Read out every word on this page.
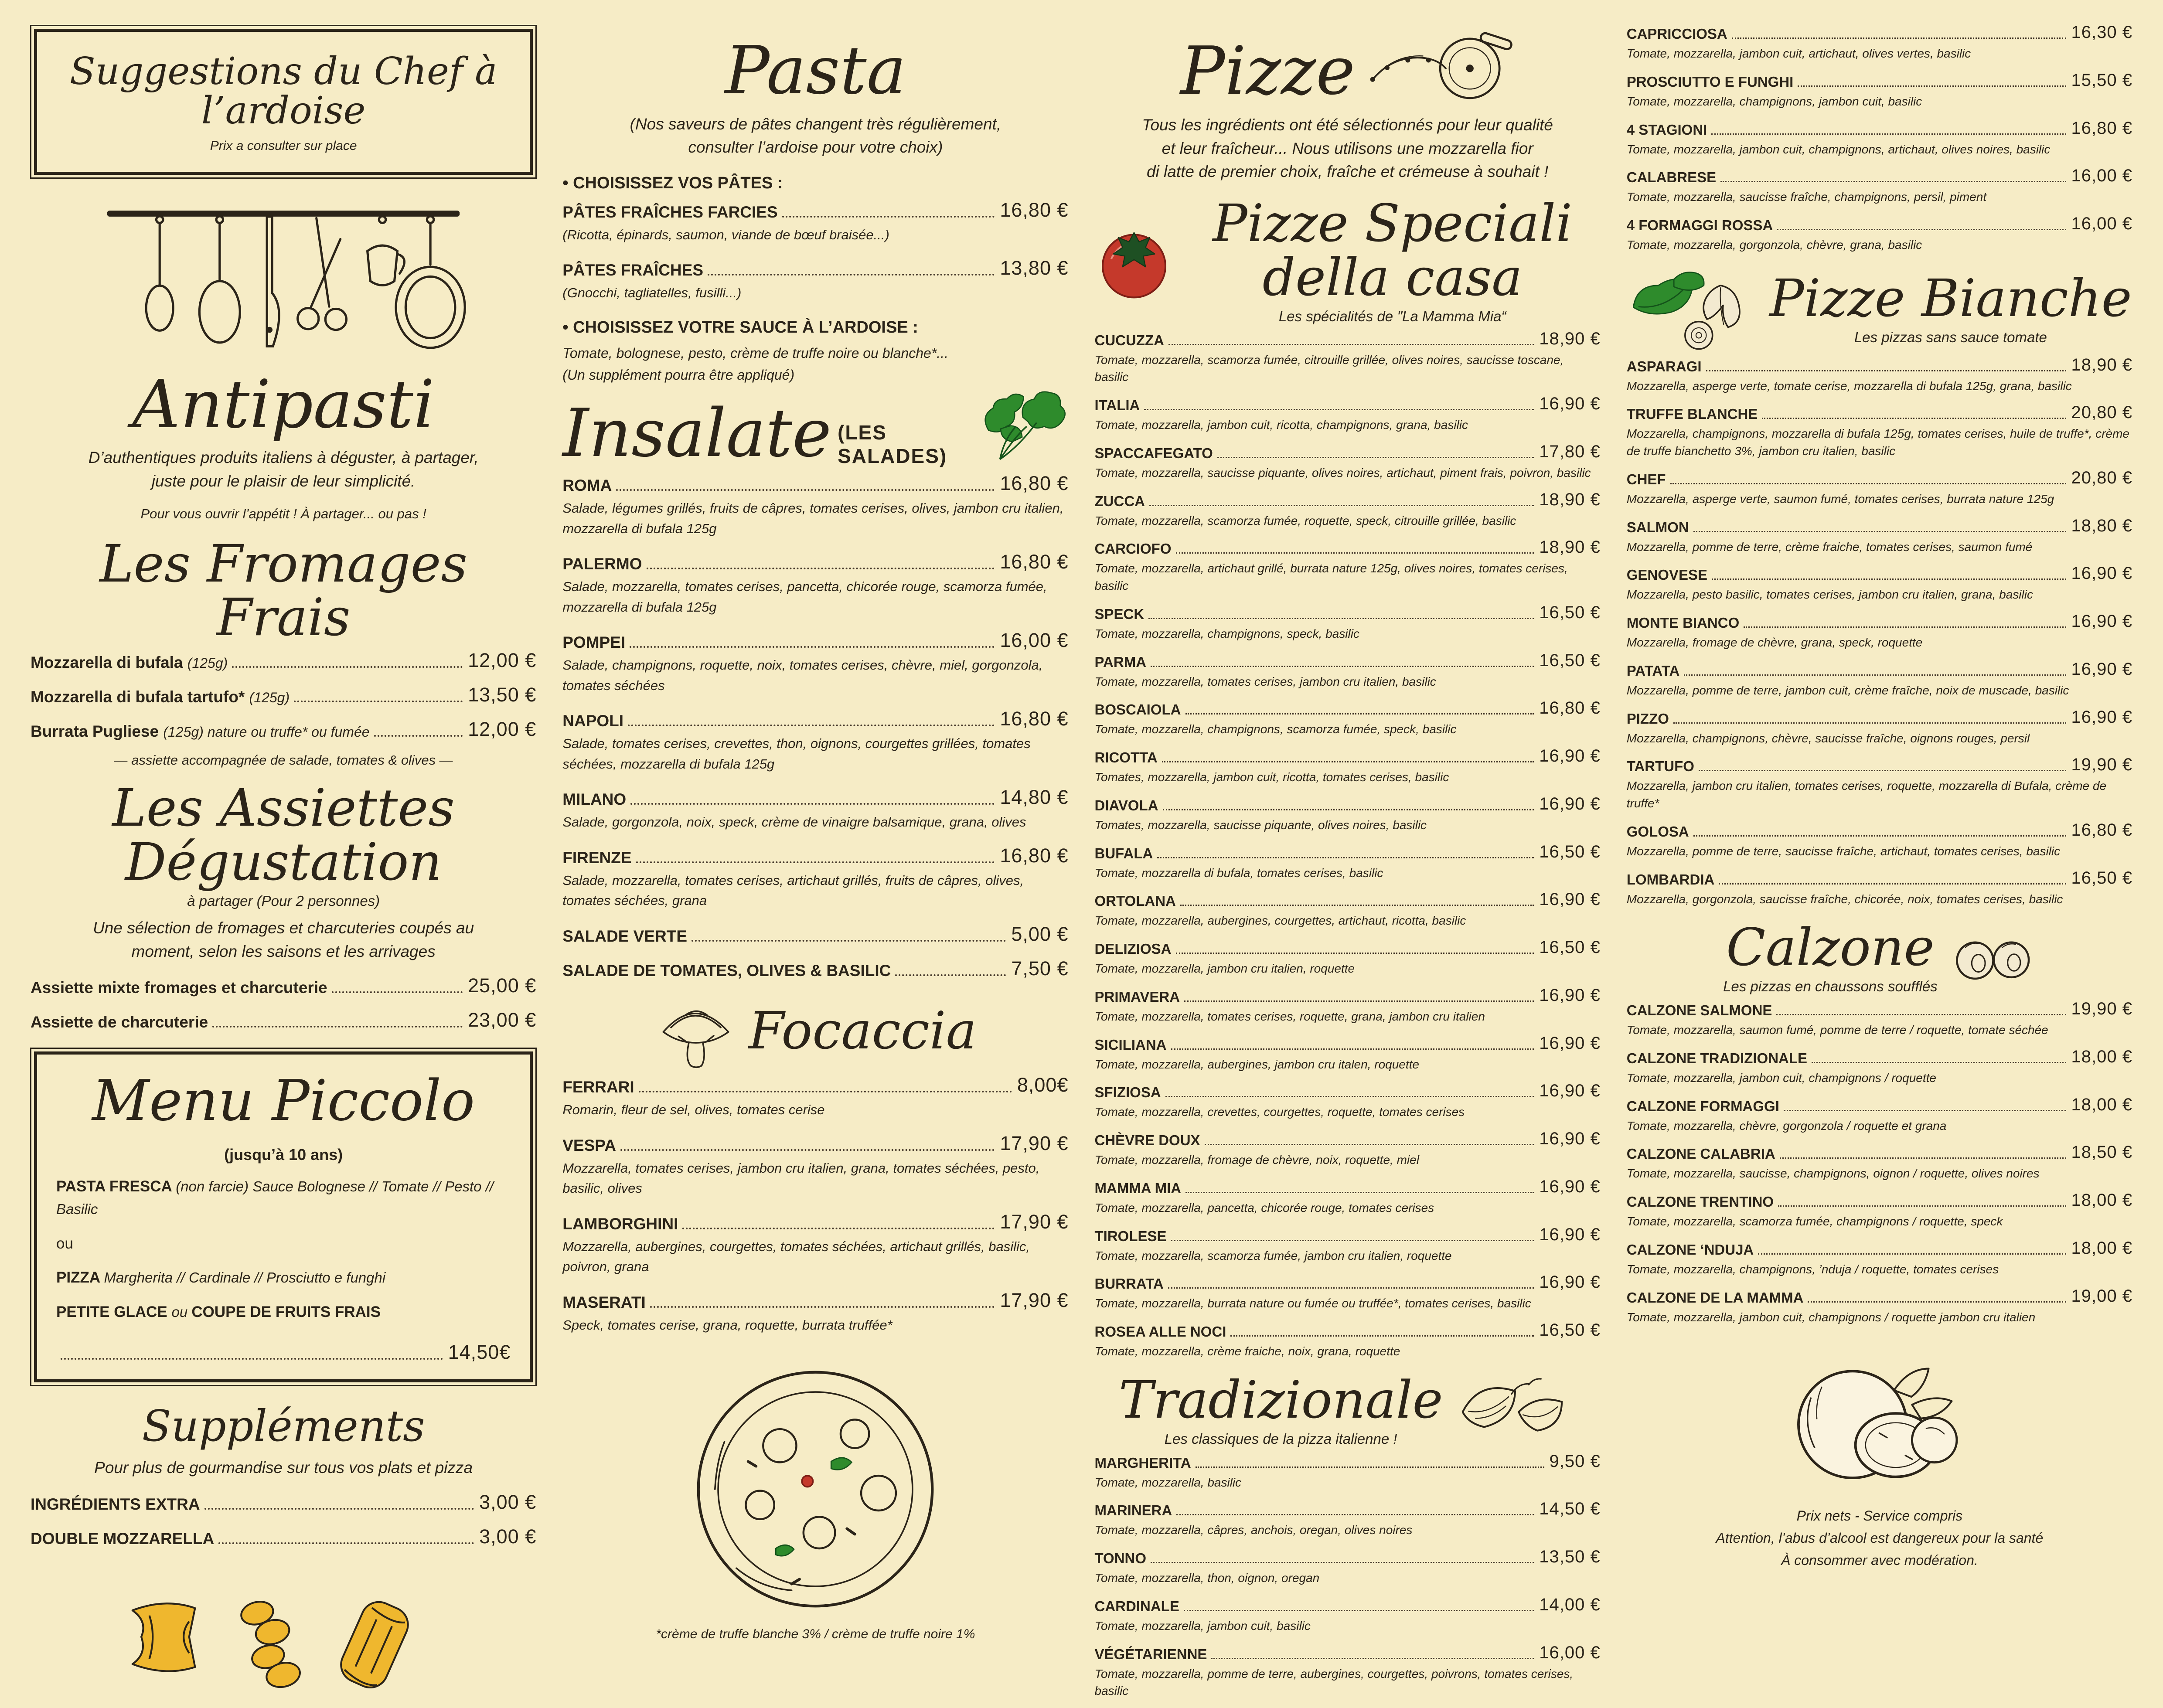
Suggestions du Chef à l’ardoise
Prix a consulter sur place
Antipasti
D’authentiques produits italiens à déguster, à partager,
juste pour le plaisir de leur simplicité.
Pour vous ouvrir l’appétit ! À partager... ou pas !
Les Fromages Frais
Mozzarella di bufala (125g)	12,00 €
Mozzarella di bufala tartufo* (125g)	13,50 €
Burrata Pugliese (125g) nature ou truffe* ou fumée	12,00 €
— assiette accompagnée de salade, tomates & olives —
Les Assiettes Dégustation
à partager (Pour 2 personnes)
Une sélection de fromages et charcuteries coupés au
moment, selon les saisons et les arrivages
Assiette mixte fromages et charcuterie	25,00 €
Assiette de charcuterie	23,00 €
Menu Piccolo
(jusqu’à 10 ans)
PASTA FRESCA (non farcie) Sauce Bolognese // Tomate // Pesto // Basilic
ou
PIZZA Margherita // Cardinale // Prosciutto e funghi
PETITE GLACE ou COUPE DE FRUITS FRAIS
14,50€
Suppléments
Pour plus de gourmandise sur tous vos plats et pizza
INGRÉDIENTS EXTRA	3,00 €
DOUBLE MOZZARELLA	3,00 €
Pasta
(Nos saveurs de pâtes changent très régulièrement,
consulter l’ardoise pour votre choix)
• CHOISISSEZ VOS PÂTES :
PÂTES FRAÎCHES FARCIES	16,80 €
(Ricotta, épinards, saumon, viande de bœuf braisée...)
PÂTES FRAÎCHES	13,80 €
(Gnocchi, tagliatelles, fusilli...)
• CHOISISSEZ VOTRE SAUCE À L’ARDOISE :
Tomate, bolognese, pesto, crème de truffe noire ou blanche*...
(Un supplément pourra être appliqué)
Insalate (LES SALADES)
ROMA	16,80 €
Salade, légumes grillés, fruits de câpres, tomates cerises, olives, jambon cru italien, mozzarella di bufala 125g
PALERMO	16,80 €
Salade, mozzarella, tomates cerises, pancetta, chicorée rouge, scamorza fumée, mozzarella di bufala 125g
POMPEI	16,00 €
Salade, champignons, roquette, noix, tomates cerises, chèvre, miel, gorgonzola, tomates séchées
NAPOLI	16,80 €
Salade, tomates cerises, crevettes, thon, oignons, courgettes grillées, tomates séchées, mozzarella di bufala 125g
MILANO	14,80 €
Salade, gorgonzola, noix, speck, crème de vinaigre balsamique, grana, olives
FIRENZE	16,80 €
Salade, mozzarella, tomates cerises, artichaut grillés, fruits de câpres, olives, tomates séchées, grana
SALADE VERTE	5,00 €
SALADE DE TOMATES, OLIVES & BASILIC	7,50 €
Focaccia
FERRARI	8,00€
Romarin, fleur de sel, olives, tomates cerise
VESPA	17,90 €
Mozzarella, tomates cerises, jambon cru italien, grana, tomates séchées, pesto, basilic, olives
LAMBORGHINI	17,90 €
Mozzarella, aubergines, courgettes, tomates séchées, artichaut grillés, basilic, poivron, grana
MASERATI	17,90 €
Speck, tomates cerise, grana, roquette, burrata truffée*
*crème de truffe blanche 3% / crème de truffe noire 1%
Pizze
Tous les ingrédients ont été sélectionnés pour leur qualité
et leur fraîcheur... Nous utilisons une mozzarella fior
di latte de premier choix, fraîche et crémeuse à souhait !
Pizze Speciali della casa
Les spécialités de "La Mamma Mia“
CUCUZZA	18,90 €
Tomate, mozzarella, scamorza fumée, citrouille grillée, olives noires, saucisse toscane, basilic
ITALIA	16,90 €
Tomate, mozzarella, jambon cuit, ricotta, champignons, grana, basilic
SPACCAFEGATO	17,80 €
Tomate, mozzarella, saucisse piquante, olives noires, artichaut, piment frais, poivron, basilic
ZUCCA	18,90 €
Tomate, mozzarella, scamorza fumée, roquette, speck, citrouille grillée, basilic
CARCIOFO	18,90 €
Tomate, mozzarella, artichaut grillé, burrata nature 125g, olives noires, tomates cerises, basilic
SPECK	16,50 €
Tomate, mozzarella, champignons, speck, basilic
PARMA	16,50 €
Tomate, mozzarella, tomates cerises, jambon cru italien, basilic
BOSCAIOLA	16,80 €
Tomate, mozzarella, champignons, scamorza fumée, speck, basilic
RICOTTA	16,90 €
Tomates, mozzarella, jambon cuit, ricotta, tomates cerises, basilic
DIAVOLA	16,90 €
Tomates, mozzarella, saucisse piquante, olives noires, basilic
BUFALA	16,50 €
Tomate, mozzarella di bufala, tomates cerises, basilic
ORTOLANA	16,90 €
Tomate, mozzarella, aubergines, courgettes, artichaut, ricotta, basilic
DELIZIOSA	16,50 €
Tomate, mozzarella, jambon cru italien, roquette
PRIMAVERA	16,90 €
Tomate, mozzarella, tomates cerises, roquette, grana, jambon cru italien
SICILIANA	16,90 €
Tomate, mozzarella, aubergines, jambon cru italen, roquette
SFIZIOSA	16,90 €
Tomate, mozzarella, crevettes, courgettes, roquette, tomates cerises
CHÈVRE DOUX	16,90 €
Tomate, mozzarella, fromage de chèvre, noix, roquette, miel
MAMMA MIA	16,90 €
Tomate, mozzarella, pancetta, chicorée rouge, tomates cerises
TIROLESE	16,90 €
Tomate, mozzarella, scamorza fumée, jambon cru italien, roquette
BURRATA	16,90 €
Tomate, mozzarella, burrata nature ou fumée ou truffée*, tomates cerises, basilic
ROSEA ALLE NOCI	16,50 €
Tomate, mozzarella, crème fraiche, noix, grana, roquette
Tradizionale
Les classiques de la pizza italienne !
MARGHERITA	9,50 €
Tomate, mozzarella, basilic
MARINERA	14,50 €
Tomate, mozzarella, câpres, anchois, oregan, olives noires
TONNO	13,50 €
Tomate, mozzarella, thon, oignon, oregan
CARDINALE	14,00 €
Tomate, mozzarella, jambon cuit, basilic
VÉGÉTARIENNE	16,00 €
Tomate, mozzarella, pomme de terre, aubergines, courgettes, poivrons, tomates cerises, basilic
CAPRICCIOSA	16,30 €
Tomate, mozzarella, jambon cuit, artichaut, olives vertes, basilic
PROSCIUTTO E FUNGHI	15,50 €
Tomate, mozzarella, champignons, jambon cuit, basilic
4 STAGIONI	16,80 €
Tomate, mozzarella, jambon cuit, champignons, artichaut, olives noires, basilic
CALABRESE	16,00 €
Tomate, mozzarella, saucisse fraîche, champignons, persil, piment
4 FORMAGGI ROSSA	16,00 €
Tomate, mozzarella, gorgonzola, chèvre, grana, basilic
Pizze Bianche
Les pizzas sans sauce tomate
ASPARAGI	18,90 €
Mozzarella, asperge verte, tomate cerise, mozzarella di bufala 125g, grana, basilic
TRUFFE BLANCHE	20,80 €
Mozzarella, champignons, mozzarella di bufala 125g, tomates cerises, huile de truffe*, crème de truffe bianchetto 3%, jambon cru italien, basilic
CHEF	20,80 €
Mozzarella, asperge verte, saumon fumé, tomates cerises, burrata nature 125g
SALMON	18,80 €
Mozzarella, pomme de terre, crème fraiche, tomates cerises, saumon fumé
GENOVESE	16,90 €
Mozzarella, pesto basilic, tomates cerises, jambon cru italien, grana, basilic
MONTE BIANCO	16,90 €
Mozzarella, fromage de chèvre, grana, speck, roquette
PATATA	16,90 €
Mozzarella, pomme de terre, jambon cuit, crème fraîche, noix de muscade, basilic
PIZZO	16,90 €
Mozzarella, champignons, chèvre, saucisse fraîche, oignons rouges, persil
TARTUFO	19,90 €
Mozzarella, jambon cru italien, tomates cerises, roquette, mozzarella di Bufala, crème de truffe*
GOLOSA	16,80 €
Mozzarella, pomme de terre, saucisse fraîche, artichaut, tomates cerises, basilic
LOMBARDIA	16,50 €
Mozzarella, gorgonzola, saucisse fraîche, chicorée, noix, tomates cerises, basilic
Calzone
Les pizzas en chaussons soufflés
CALZONE SALMONE	19,90 €
Tomate, mozzarella, saumon fumé, pomme de terre / roquette, tomate séchée
CALZONE TRADIZIONALE	18,00 €
Tomate, mozzarella, jambon cuit, champignons / roquette
CALZONE FORMAGGI	18,00 €
Tomate, mozzarella, chèvre, gorgonzola / roquette et grana
CALZONE CALABRIA	18,50 €
Tomate, mozzarella, saucisse, champignons, oignon / roquette, olives noires
CALZONE TRENTINO	18,00 €
Tomate, mozzarella, scamorza fumée, champignons / roquette, speck
CALZONE ‘NDUJA	18,00 €
Tomate, mozzarella, champignons, ’nduja / roquette, tomates cerises
CALZONE DE LA MAMMA	19,00 €
Tomate, mozzarella, jambon cuit, champignons / roquette jambon cru italien
Prix nets - Service compris
Attention, l’abus d’alcool est dangereux pour la santé
À consommer avec modération.
